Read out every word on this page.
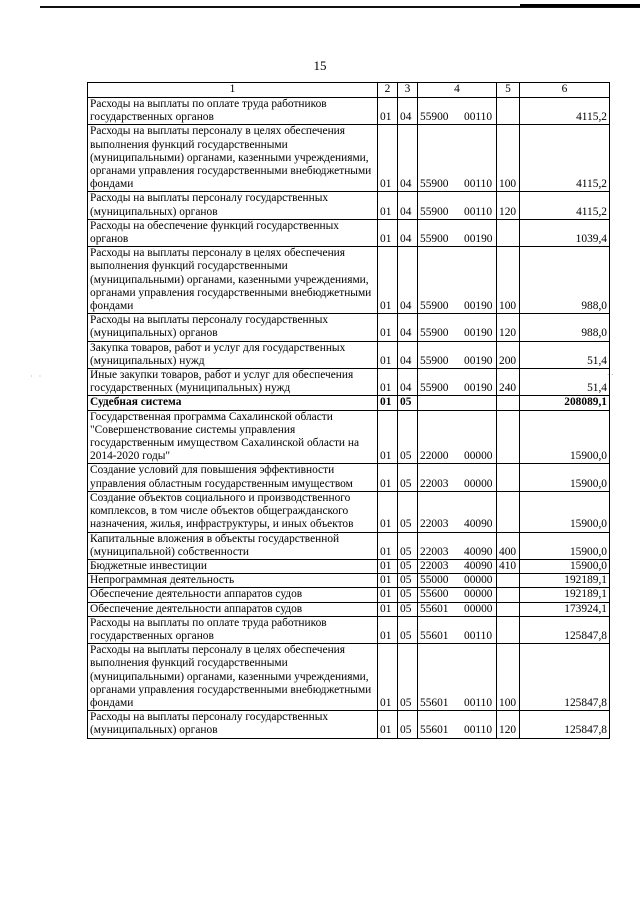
15
1	2	3	4	5	6
Расходы на выплаты по оплате труда работников государственных органов	01	04	55900 00110		4115,2
Расходы на выплаты персоналу в целях обеспечения выполнения функций государственными (муниципальными) органами, казенными учреждениями, органами управления государственными внебюджетными фондами	01	04	55900 00110	100	4115,2
Расходы на выплаты персоналу государственных (муниципальных) органов	01	04	55900 00110	120	4115,2
Расходы на обеспечение функций государственных органов	01	04	55900 00190		1039,4
Расходы на выплаты персоналу в целях обеспечения выполнения функций государственными (муниципальными) органами, казенными учреждениями, органами управления государственными внебюджетными фондами	01	04	55900 00190	100	988,0
Расходы на выплаты персоналу государственных (муниципальных) органов	01	04	55900 00190	120	988,0
Закупка товаров, работ и услуг для государственных (муниципальных) нужд	01	04	55900 00190	200	51,4
Иные закупки товаров, работ и услуг для обеспечения государственных (муниципальных) нужд	01	04	55900 00190	240	51,4
Судебная система	01	05			208089,1
Государственная программа Сахалинской области "Совершенствование системы управления государственным имуществом Сахалинской области на 2014-2020 годы"	01	05	22000 00000		15900,0
Создание условий для повышения эффективности управления областным государственным имуществом	01	05	22003 00000		15900,0
Создание объектов социального и производственного комплексов, в том числе объектов общегражданского назначения, жилья, инфраструктуры, и иных объектов	01	05	22003 40090		15900,0
Капитальные вложения в объекты государственной (муниципальной) собственности	01	05	22003 40090	400	15900,0
Бюджетные инвестиции	01	05	22003 40090	410	15900,0
Непрограммная деятельность	01	05	55000 00000		192189,1
Обеспечение деятельности аппаратов судов	01	05	55600 00000		192189,1
Обеспечение деятельности аппаратов судов	01	05	55601 00000		173924,1
Расходы на выплаты по оплате труда работников государственных органов	01	05	55601 00110		125847,8
Расходы на выплаты персоналу в целях обеспечения выполнения функций государственными (муниципальными) органами, казенными учреждениями, органами управления государственными внебюджетными фондами	01	05	55601 00110	100	125847,8
Расходы на выплаты персоналу государственных (муниципальных) органов	01	05	55601 00110	120	125847,8
· ·
· ·
